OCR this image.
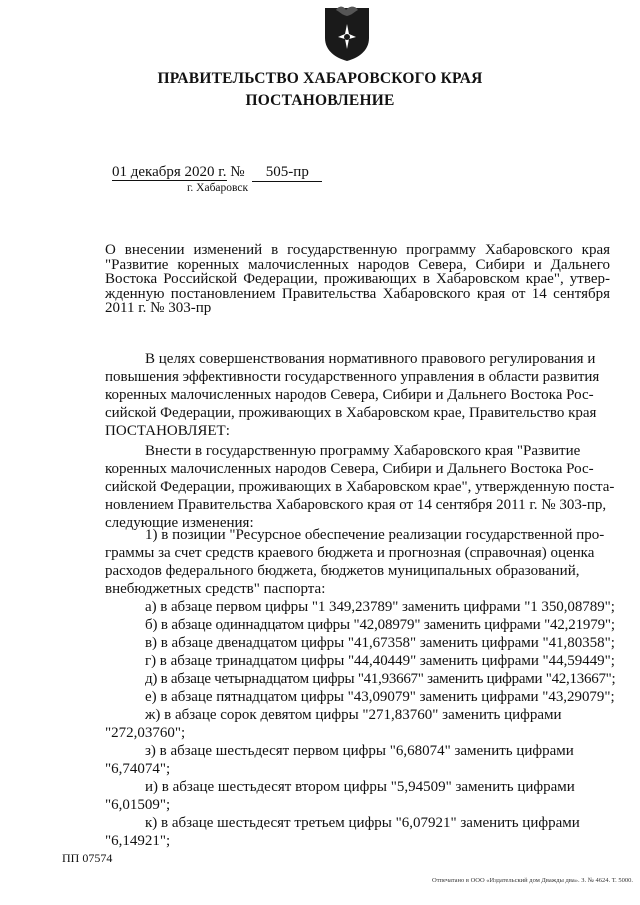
ПРАВИТЕЛЬСТВО ХАБАРОВСКОГО КРАЯ
ПОСТАНОВЛЕНИЕ
01 декабря 2020 г. № 505-пр
г. Хабаровск
О внесении изменений в государственную программу Хабаровского края
"Развитие коренных малочисленных народов Севера, Сибири и Дальнего
Востока Российской Федерации, проживающих в Хабаровском крае", утвер-
жденную постановлением Правительства Хабаровского края от 14 сентября
2011 г. № 303-пр
В целях совершенствования нормативного правового регулирования и
повышения эффективности государственного управления в области развития
коренных малочисленных народов Севера, Сибири и Дальнего Востока Рос-
сийской Федерации, проживающих в Хабаровском крае, Правительство края
ПОСТАНОВЛЯЕТ:
Внести в государственную программу Хабаровского края "Развитие
коренных малочисленных народов Севера, Сибири и Дальнего Востока Рос-
сийской Федерации, проживающих в Хабаровском крае", утвержденную поста-
новлением Правительства Хабаровского края от 14 сентября 2011 г. № 303-пр,
следующие изменения:
1) в позиции "Ресурсное обеспечение реализации государственной про-
граммы за счет средств краевого бюджета и прогнозная (справочная) оценка
расходов федерального бюджета, бюджетов муниципальных образований,
внебюджетных средств" паспорта:
а) в абзаце первом цифры "1 349,23789" заменить цифрами "1 350,08789";
б) в абзаце одиннадцатом цифры "42,08979" заменить цифрами "42,21979";
в) в абзаце двенадцатом цифры "41,67358" заменить цифрами "41,80358";
г) в абзаце тринадцатом цифры "44,40449" заменить цифрами "44,59449";
д) в абзаце четырнадцатом цифры "41,93667" заменить цифрами "42,13667";
е) в абзаце пятнадцатом цифры "43,09079" заменить цифрами "43,29079";
ж) в абзаце сорок девятом цифры "271,83760" заменить цифрами
"272,03760";
з) в абзаце шестьдесят первом цифры "6,68074" заменить цифрами
"6,74074";
и) в абзаце шестьдесят втором цифры "5,94509" заменить цифрами
"6,01509";
к) в абзаце шестьдесят третьем цифры "6,07921" заменить цифрами
"6,14921";
ПП 07574
Отпечатано в ООО «Издательский дом Дважды два». З. № 4624. Т. 5000.
